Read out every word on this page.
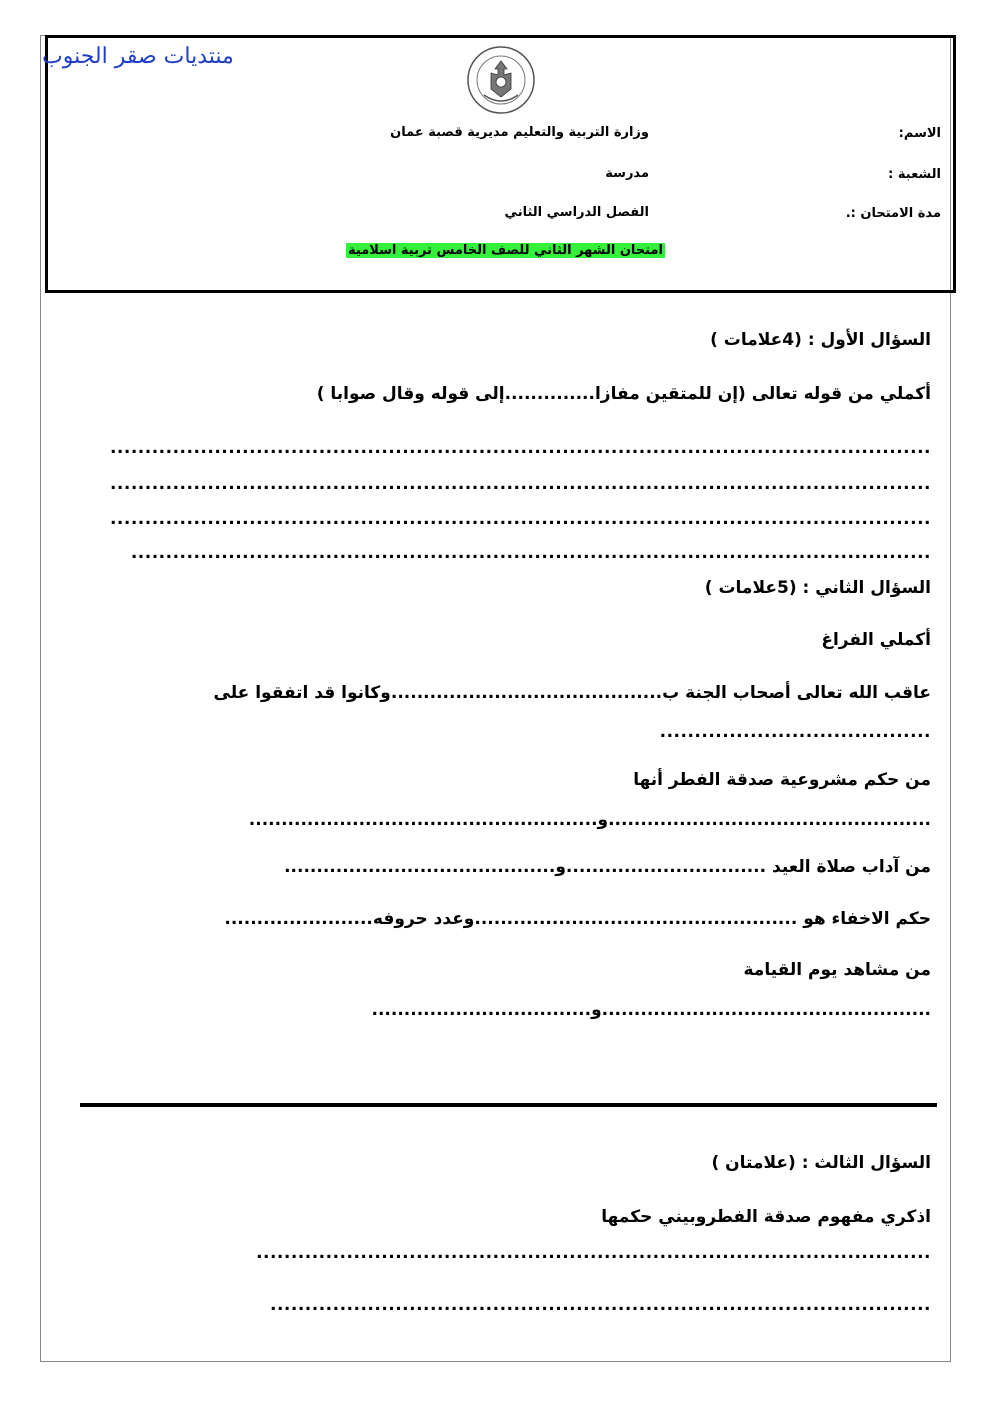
منتديات صقر الجنوب
وزارة التربية والتعليم مديرية قصبة عمان	الاسم:
مدرسة	الشعبة :
الفصل الدراسي الثاني	مدة الامتحان :.
امتحان الشهر الثاني للصف الخامس تربية اسلامية
السؤال الأول : (4علامات )
أكملي من قوله تعالى (إن للمتقين مفازا..............إلى قوله وقال صوابا )
......................................................................................................................
......................................................................................................................
......................................................................................................................
...................................................................................................................
السؤال الثاني : (5علامات )
أكملي الفراغ
عاقب الله تعالى أصحاب الجنة ب..........................................وكانوا قد اتفقوا على
.......................................
من حكم مشروعية صدقة الفطر أنها
..................................................و......................................................
من آداب صلاة العيد ...............................و..........................................
حكم الاخفاء هو ..................................................وعدد حروفه.......................
من مشاهد يوم القيامة
...................................................و..................................
السؤال الثالث : (علامتان )
اذكري مفهوم صدقة الفطروبيني حكمها
.................................................................................................
...............................................................................................
